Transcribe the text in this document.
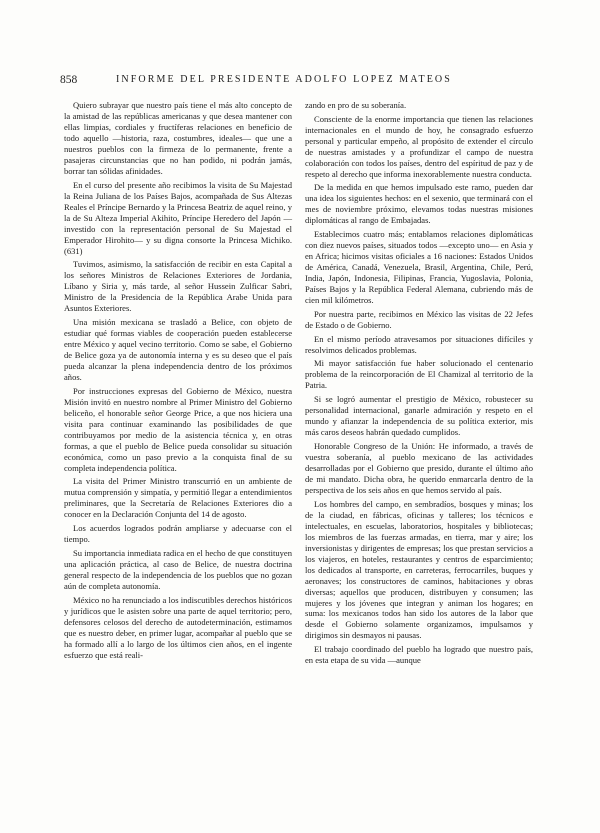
858	INFORME DEL PRESIDENTE ADOLFO LOPEZ MATEOS

Quiero subrayar que nuestro país tiene el más alto concepto de la amistad de las repúblicas americanas y que desea mantener con ellas limpias, cordiales y fructíferas relaciones en beneficio de todo aquello —historia, raza, costumbres, ideales— que une a nuestros pueblos con la firmeza de lo permanente, frente a pasajeras circunstancias que no han podido, ni podrán jamás, borrar tan sólidas afinidades.

En el curso del presente año recibimos la visita de Su Majestad la Reina Juliana de los Países Bajos, acompañada de Sus Altezas Reales el Príncipe Bernardo y la Princesa Beatriz de aquel reino, y la de Su Alteza Imperial Akihito, Príncipe Heredero del Japón —investido con la representación personal de Su Majestad el Emperador Hirohito— y su digna consorte la Princesa Michiko. (631)

Tuvimos, asimismo, la satisfacción de recibir en esta Capital a los señores Ministros de Relaciones Exteriores de Jordania, Líbano y Siria y, más tarde, al señor Hussein Zulficar Sabri, Ministro de la Presidencia de la República Arabe Unida para Asuntos Exteriores.

Una misión mexicana se trasladó a Belice, con objeto de estudiar qué formas viables de cooperación pueden establecerse entre México y aquel vecino territorio. Como se sabe, el Gobierno de Belice goza ya de autonomía interna y es su deseo que el país pueda alcanzar la plena independencia dentro de los próximos años.

Por instrucciones expresas del Gobierno de México, nuestra Misión invitó en nuestro nombre al Primer Ministro del Gobierno beliceño, el honorable señor George Price, a que nos hiciera una visita para continuar examinando las posibilidades de que contribuyamos por medio de la asistencia técnica y, en otras formas, a que el pueblo de Belice pueda consolidar su situación económica, como un paso previo a la conquista final de su completa independencia política.

La visita del Primer Ministro transcurrió en un ambiente de mutua comprensión y simpatía, y permitió llegar a entendimientos preliminares, que la Secretaría de Relaciones Exteriores dio a conocer en la Declaración Conjunta del 14 de agosto.

Los acuerdos logrados podrán ampliarse y adecuarse con el tiempo.

Su importancia inmediata radica en el hecho de que constituyen una aplicación práctica, al caso de Belice, de nuestra doctrina general respecto de la independencia de los pueblos que no gozan aún de completa autonomía.

México no ha renunciado a los indiscutibles derechos históricos y jurídicos que le asisten sobre una parte de aquel territorio; pero, defensores celosos del derecho de autodeterminación, estimamos que es nuestro deber, en primer lugar, acompañar al pueblo que se ha formado allí a lo largo de los últimos cien años, en el ingente esfuerzo que está reali-

zando en pro de su soberanía.

Consciente de la enorme importancia que tienen las relaciones internacionales en el mundo de hoy, he consagrado esfuerzo personal y particular empeño, al propósito de extender el círculo de nuestras amistades y a profundizar el campo de nuestra colaboración con todos los países, dentro del espíritud de paz y de respeto al derecho que informa inexorablemente nuestra conducta.

De la medida en que hemos impulsado este ramo, pueden dar una idea los siguientes hechos: en el sexenio, que terminará con el mes de noviembre próximo, elevamos todas nuestras misiones diplomáticas al rango de Embajadas.

Establecimos cuatro más; entablamos relaciones diplomáticas con diez nuevos países, situados todos —excepto uno— en Asia y en Africa; hicimos visitas oficiales a 16 naciones: Estados Unidos de América, Canadá, Venezuela, Brasil, Argentina, Chile, Perú, India, Japón, Indonesia, Filipinas, Francia, Yugoslavia, Polonia, Países Bajos y la República Federal Alemana, cubriendo más de cien mil kilómetros.

Por nuestra parte, recibimos en México las visitas de 22 Jefes de Estado o de Gobierno.

En el mismo período atravesamos por situaciones difíciles y resolvimos delicados problemas.

Mi mayor satisfacción fue haber solucionado el centenario problema de la reincorporación de El Chamizal al territorio de la Patria.

Si se logró aumentar el prestigio de México, robustecer su personalidad internacional, ganarle admiración y respeto en el mundo y afianzar la independencia de su política exterior, mis más caros deseos habrán quedado cumplidos.

Honorable Congreso de la Unión: He informado, a través de vuestra soberanía, al pueblo mexicano de las actividades desarrolladas por el Gobierno que presido, durante el último año de mi mandato. Dicha obra, he querido enmarcarla dentro de la perspectiva de los seis años en que hemos servido al país.

Los hombres del campo, en sembradíos, bosques y minas; los de la ciudad, en fábricas, oficinas y talleres; los técnicos e intelectuales, en escuelas, laboratorios, hospitales y bibliotecas; los miembros de las fuerzas armadas, en tierra, mar y aire; los inversionistas y dirigentes de empresas; los que prestan servicios a los viajeros, en hoteles, restaurantes y centros de esparcimiento; los dedicados al transporte, en carreteras, ferrocarriles, buques y aeronaves; los constructores de caminos, habitaciones y obras diversas; aquellos que producen, distribuyen y consumen; las mujeres y los jóvenes que integran y animan los hogares; en suma: los mexicanos todos han sido los autores de la labor que desde el Gobierno solamente organizamos, impulsamos y dirigimos sin desmayos ni pausas.

El trabajo coordinado del pueblo ha logrado que nuestro país, en esta etapa de su vida —aunque
